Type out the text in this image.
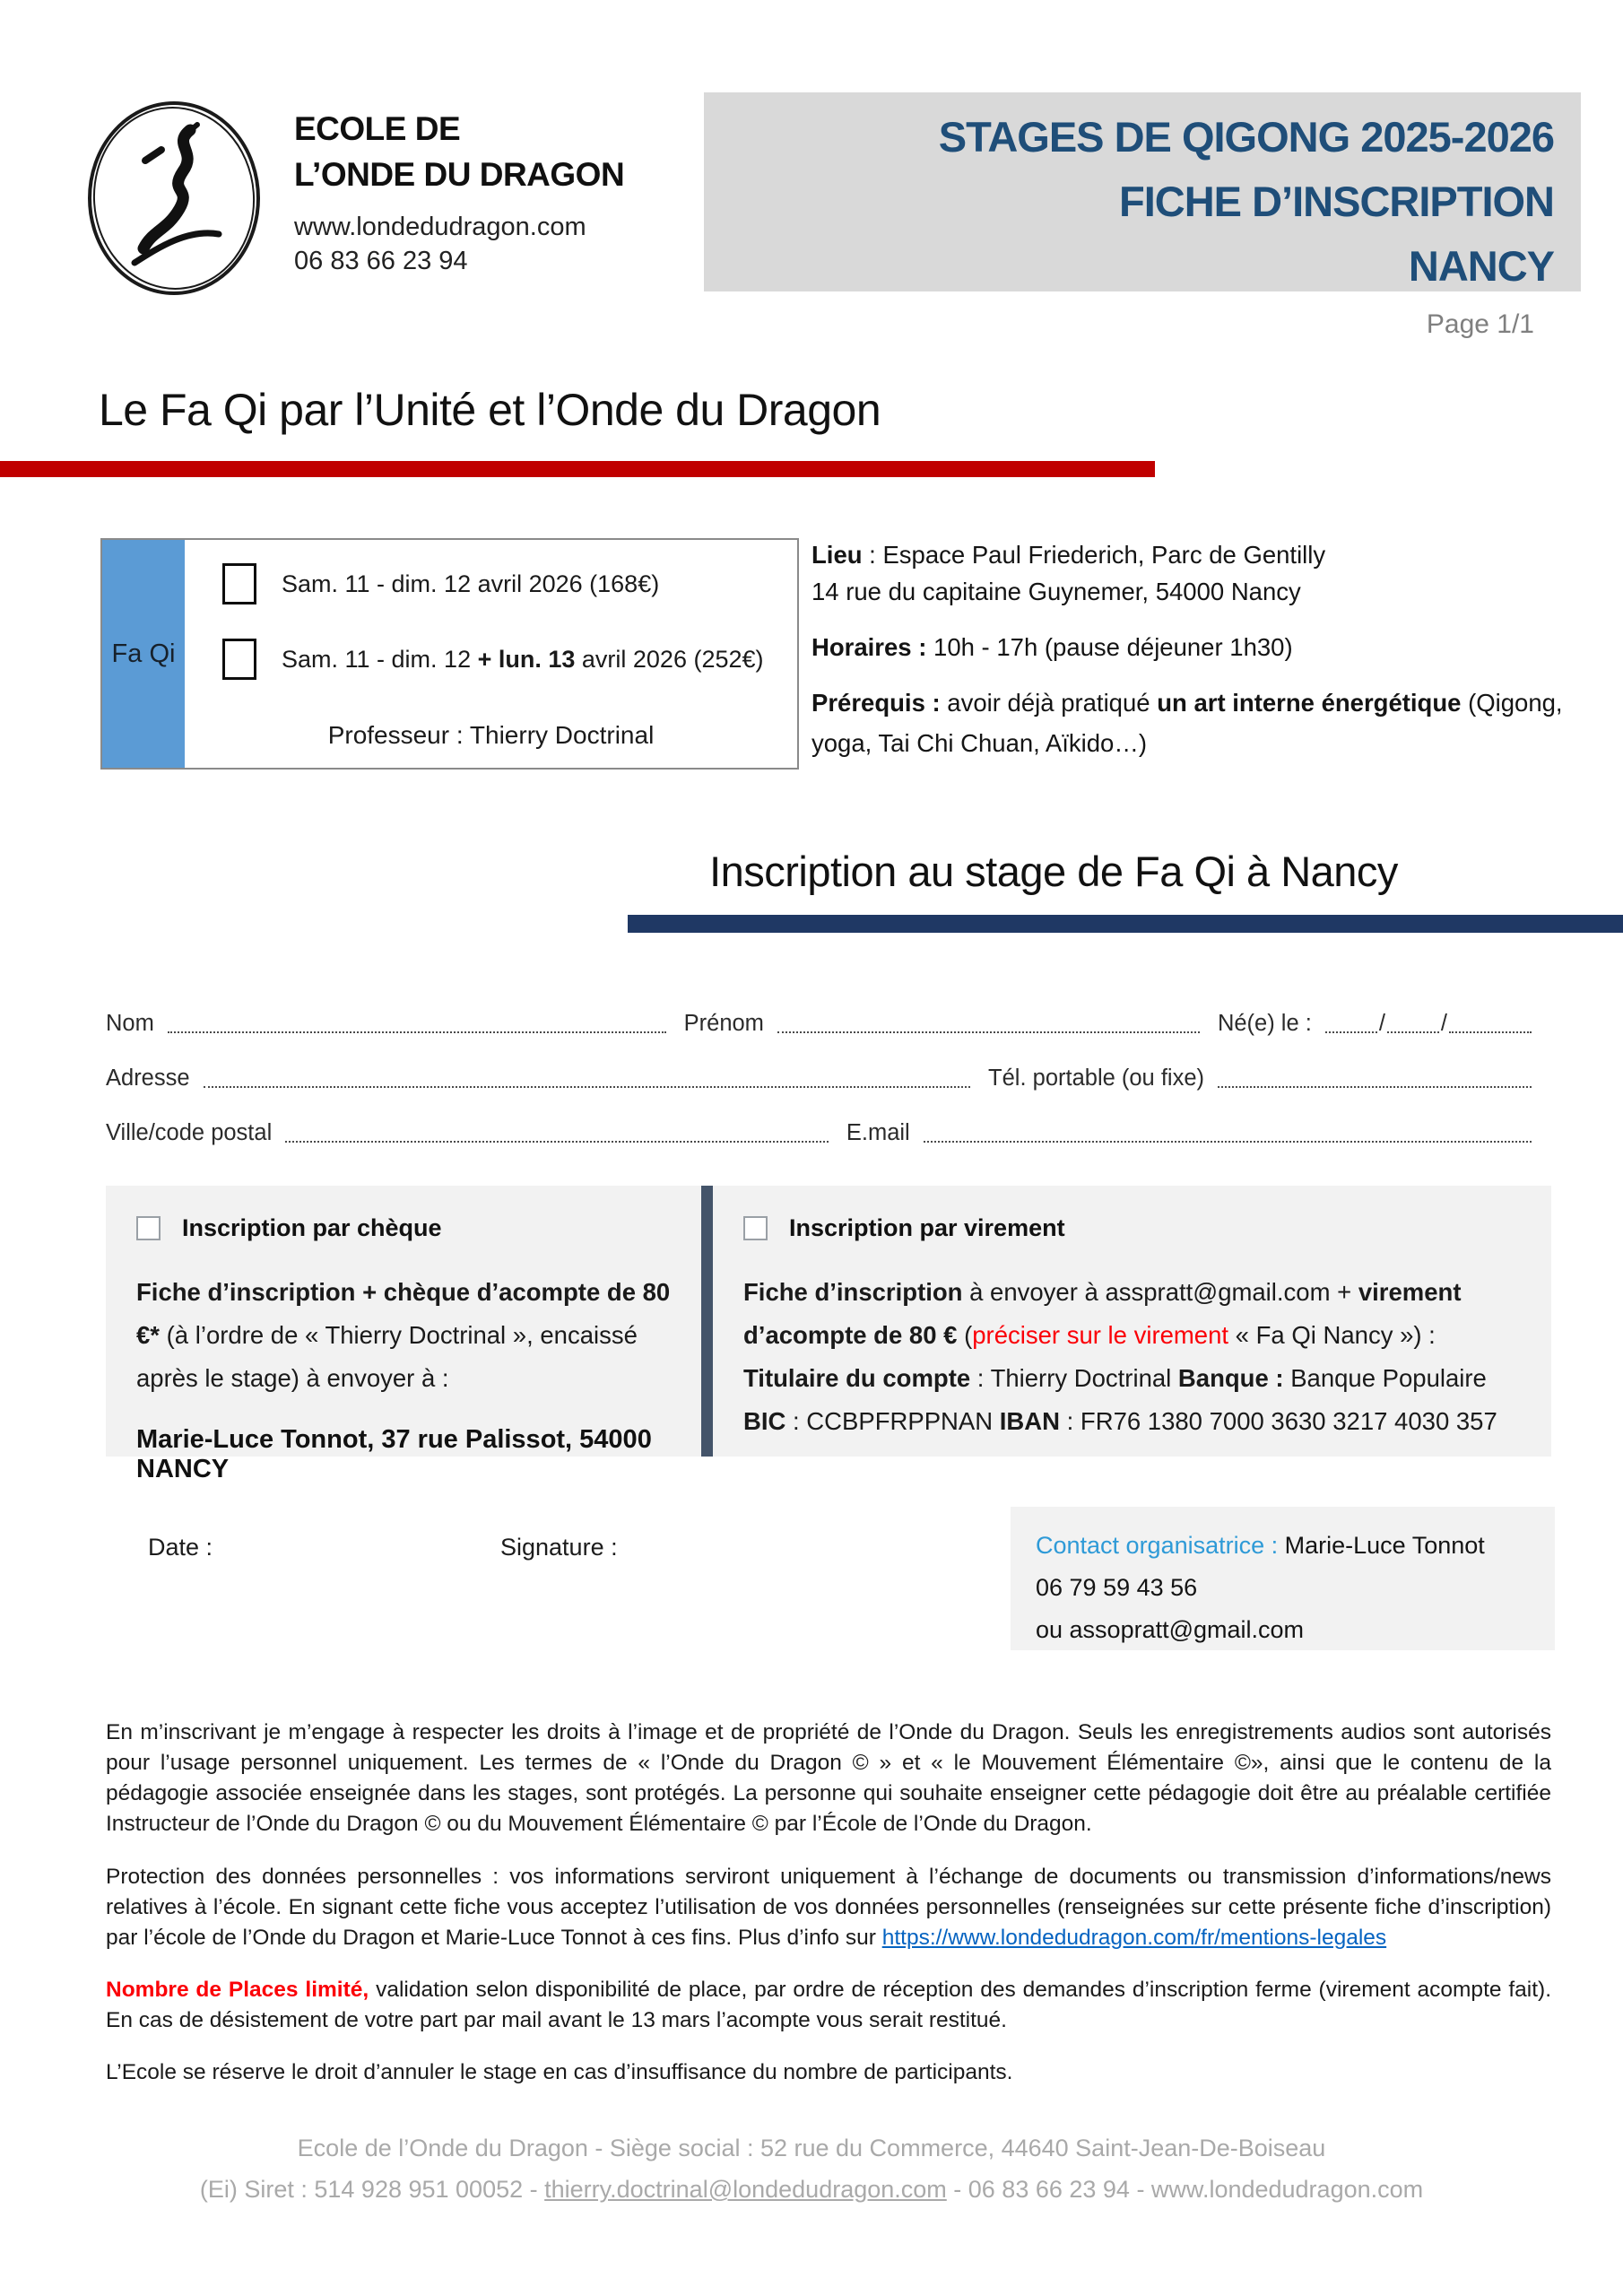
ECOLE DE
L’ONDE DU DRAGON
www.londedudragon.com
06 83 66 23 94
STAGES DE QIGONG 2025-2026
FICHE D’INSCRIPTION
NANCY
Page 1/1
Le Fa Qi par l’Unité et l’Onde du Dragon
Fa Qi
Sam. 11 - dim. 12 avril 2026 (168€)
Sam. 11 - dim. 12 + lun. 13 avril 2026 (252€)
Professeur : Thierry Doctrinal
Lieu : Espace Paul Friederich, Parc de Gentilly
14 rue du capitaine Guynemer, 54000 Nancy
Horaires : 10h - 17h (pause déjeuner 1h30)
Prérequis : avoir déjà pratiqué un art interne énergétique (Qigong, yoga, Tai Chi Chuan, Aïkido…)
Inscription au stage de Fa Qi à Nancy
Nom	Prénom	Né(e) le :	/ /
Adresse	Tél. portable (ou fixe)
Ville/code postal	E.mail
Inscription par chèque
Fiche d’inscription + chèque d’acompte de 80 €* (à l’ordre de « Thierry Doctrinal », encaissé après le stage) à envoyer à :
Marie-Luce Tonnot, 37 rue Palissot, 54000 NANCY
Inscription par virement
Fiche d’inscription à envoyer à asspratt@gmail.com + virement d’acompte de 80 € (préciser sur le virement « Fa Qi Nancy ») : Titulaire du compte : Thierry Doctrinal Banque : Banque Populaire BIC : CCBPFRPPNAN IBAN : FR76 1380 7000 3630 3217 4030 357
Date :	Signature :	Contact organisatrice : Marie-Luce Tonnot
06 79 59 43 56
ou assopratt@gmail.com

En m’inscrivant je m’engage à respecter les droits à l’image et de propriété de l’Onde du Dragon. Seuls les enregistrements audios sont autorisés pour l’usage personnel uniquement. Les termes de « l’Onde du Dragon © » et « le Mouvement Élémentaire ©», ainsi que le contenu de la pédagogie associée enseignée dans les stages, sont protégés. La personne qui souhaite enseigner cette pédagogie doit être au préalable certifiée Instructeur de l’Onde du Dragon © ou du Mouvement Élémentaire © par l’École de l’Onde du Dragon.

Protection des données personnelles : vos informations serviront uniquement à l’échange de documents ou transmission d’informations/news relatives à l’école. En signant cette fiche vous acceptez l’utilisation de vos données personnelles (renseignées sur cette présente fiche d’inscription) par l’école de l’Onde du Dragon et Marie-Luce Tonnot à ces fins. Plus d’info sur https://www.londedudragon.com/fr/mentions-legales

Nombre de Places limité, validation selon disponibilité de place, par ordre de réception des demandes d’inscription ferme (virement acompte fait). En cas de désistement de votre part par mail avant le 13 mars l’acompte vous serait restitué.

L’Ecole se réserve le droit d’annuler le stage en cas d’insuffisance du nombre de participants.

Ecole de l’Onde du Dragon - Siège social : 52 rue du Commerce, 44640 Saint-Jean-De-Boiseau
(Ei) Siret : 514 928 951 00052 - thierry.doctrinal@londedudragon.com - 06 83 66 23 94 - www.londedudragon.com
